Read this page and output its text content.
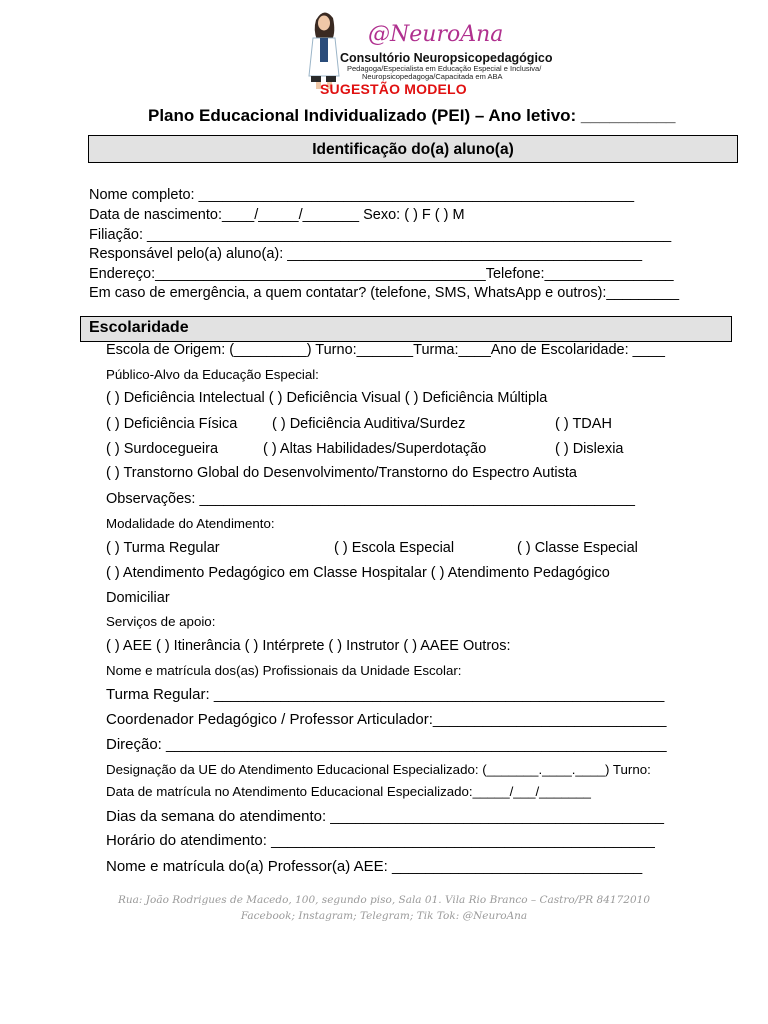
@NeuroAna
Consultório Neuropsicopedagógico
Pedagoga/Especialista em Educação Especial e Inclusiva/
Neuropsicopedagoga/Capacitada em ABA
SUGESTÃO MODELO
Plano Educacional Individualizado (PEI) – Ano letivo: __________
Identificação do(a) aluno(a)
Nome completo: ______________________________________________________
Data de nascimento:____/_____/_______ Sexo: ( ) F ( ) M
Filiação: _________________________________________________________________
Responsável pelo(a) aluno(a): ____________________________________________
Endereço:_________________________________________Telefone:________________
Em caso de emergência, a quem contatar? (telefone, SMS, WhatsApp e outros):_________
Escolaridade
Escola de Origem: (_________) Turno:_______Turma:____Ano de Escolaridade: ____
Público-Alvo da Educação Especial:
( ) Deficiência Intelectual ( ) Deficiência Visual ( ) Deficiência Múltipla
( ) Deficiência Física ( ) Deficiência Auditiva/Surdez	( ) TDAH
( ) Surdocegueira	( ) Altas Habilidades/Superdotação	( ) Dislexia
( ) Transtorno Global do Desenvolvimento/Transtorno do Espectro Autista
Observações: ______________________________________________________
Modalidade do Atendimento:
( ) Turma Regular	( ) Escola Especial	( ) Classe Especial
( ) Atendimento Pedagógico em Classe Hospitalar ( ) Atendimento Pedagógico
Domiciliar
Serviços de apoio:
( ) AEE ( ) Itinerância ( ) Intérprete ( ) Instrutor ( ) AAEE Outros:
Nome e matrícula dos(as) Profissionais da Unidade Escolar:
Turma Regular: ______________________________________________________
Coordenador Pedagógico / Professor Articulador:____________________________
Direção: ____________________________________________________________
Designação da UE do Atendimento Educacional Especializado: (_______.____.____) Turno:
Data de matrícula no Atendimento Educacional Especializado:_____/___/_______
Dias da semana do atendimento: ________________________________________
Horário do atendimento: ______________________________________________
Nome e matrícula do(a) Professor(a) AEE: ______________________________
Rua: João Rodrigues de Macedo, 100, segundo piso, Sala 01. Vila Rio Branco – Castro/PR 84172010
Facebook; Instagram; Telegram; Tik Tok: @NeuroAna
